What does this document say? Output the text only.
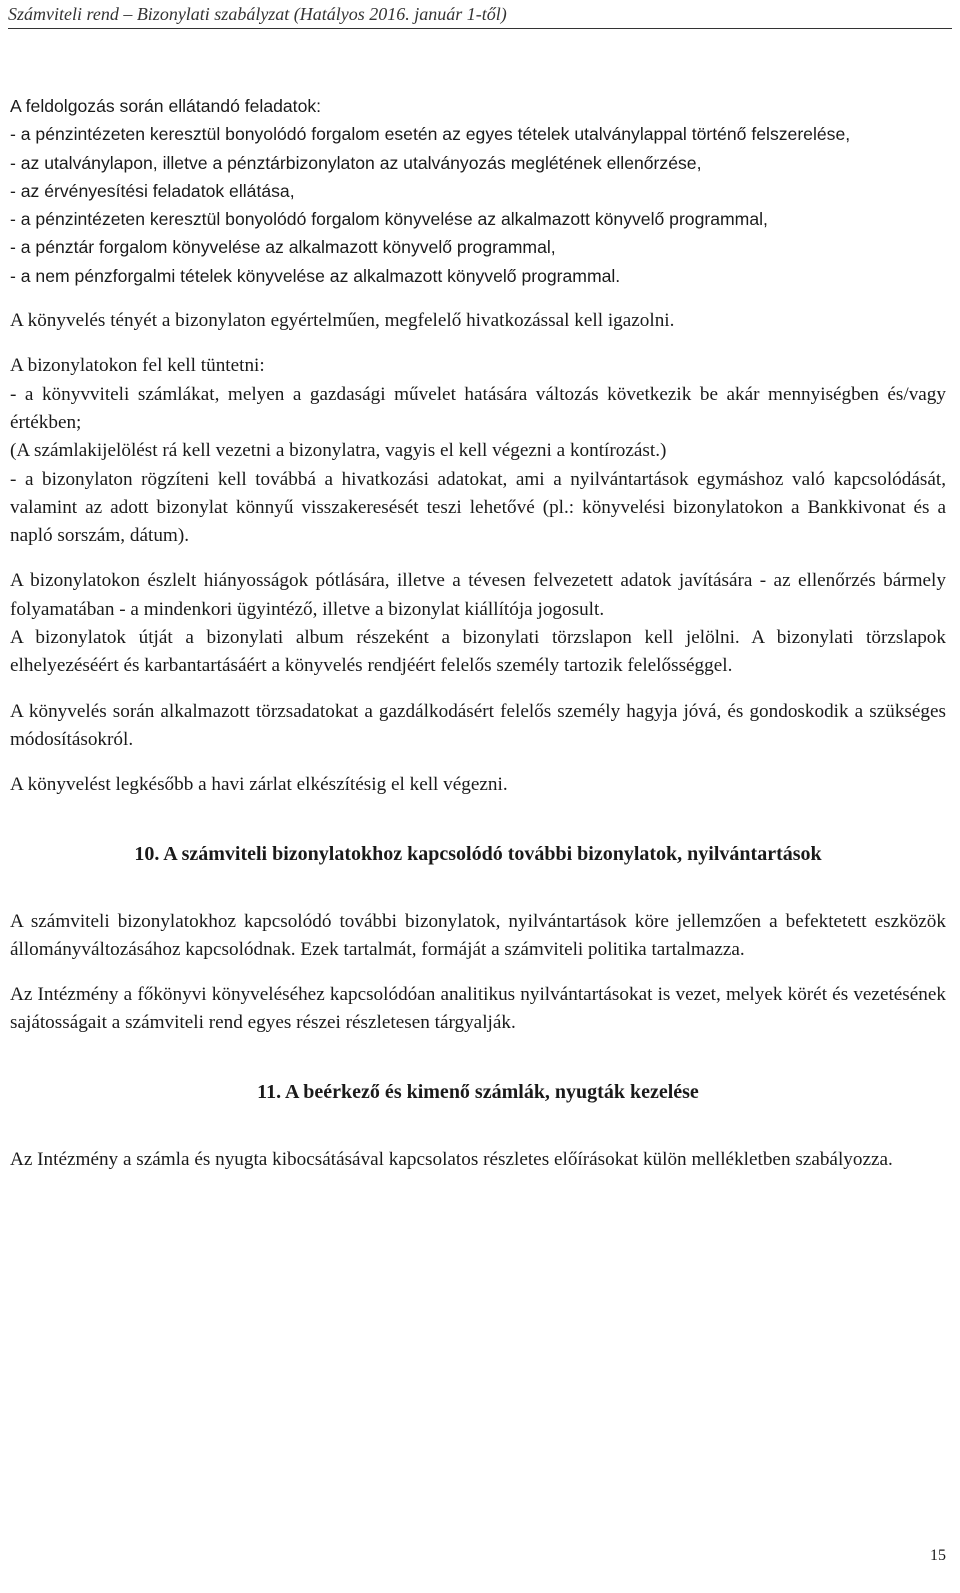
Számviteli rend – Bizonylati szabályzat (Hatályos 2016. január 1-től)

A feldolgozás során ellátandó feladatok:

- a pénzintézeten keresztül bonyolódó forgalom esetén az egyes tételek utalványlappal történő felszerelése,

- az utalványlapon, illetve a pénztárbizonylaton az utalványozás meglétének ellenőrzése,

- az érvényesítési feladatok ellátása,

- a pénzintézeten keresztül bonyolódó forgalom könyvelése az alkalmazott könyvelő programmal,

- a pénztár forgalom könyvelése az alkalmazott könyvelő programmal,

- a nem pénzforgalmi tételek könyvelése az alkalmazott könyvelő programmal.

A könyvelés tényét a bizonylaton egyértelműen, megfelelő hivatkozással kell igazolni.

A bizonylatokon fel kell tüntetni:

- a könyvviteli számlákat, melyen a gazdasági művelet hatására változás következik be akár mennyiségben és/vagy értékben;

(A számlakijelölést rá kell vezetni a bizonylatra, vagyis el kell végezni a kontírozást.)

- a bizonylaton rögzíteni kell továbbá a hivatkozási adatokat, ami a nyilvántartások egymáshoz való kapcsolódását, valamint az adott bizonylat könnyű visszakeresését teszi lehetővé (pl.: könyvelési bizonylatokon a Bankkivonat és a napló sorszám, dátum).

A bizonylatokon észlelt hiányosságok pótlására, illetve a tévesen felvezetett adatok javítására - az ellenőrzés bármely folyamatában - a mindenkori ügyintéző, illetve a bizonylat kiállítója jogosult.

A bizonylatok útját a bizonylati album részeként a bizonylati törzslapon kell jelölni. A bizonylati törzslapok elhelyezéséért és karbantartásáért a könyvelés rendjéért felelős személy tartozik felelősséggel.

A könyvelés során alkalmazott törzsadatokat a gazdálkodásért felelős személy hagyja jóvá, és gondoskodik a szükséges módosításokról.

A könyvelést legkésőbb a havi zárlat elkészítésig el kell végezni.

10. A számviteli bizonylatokhoz kapcsolódó további bizonylatok, nyilvántartások

A számviteli bizonylatokhoz kapcsolódó további bizonylatok, nyilvántartások köre jellemzően a befektetett eszközök állományváltozásához kapcsolódnak. Ezek tartalmát, formáját a számviteli politika tartalmazza.

Az Intézmény a főkönyvi könyveléséhez kapcsolódóan analitikus nyilvántartásokat is vezet, melyek körét és vezetésének sajátosságait a számviteli rend egyes részei részletesen tárgyalják.

11. A beérkező és kimenő számlák, nyugták kezelése

Az Intézmény a számla és nyugta kibocsátásával kapcsolatos részletes előírásokat külön mellékletben szabályozza.

15
